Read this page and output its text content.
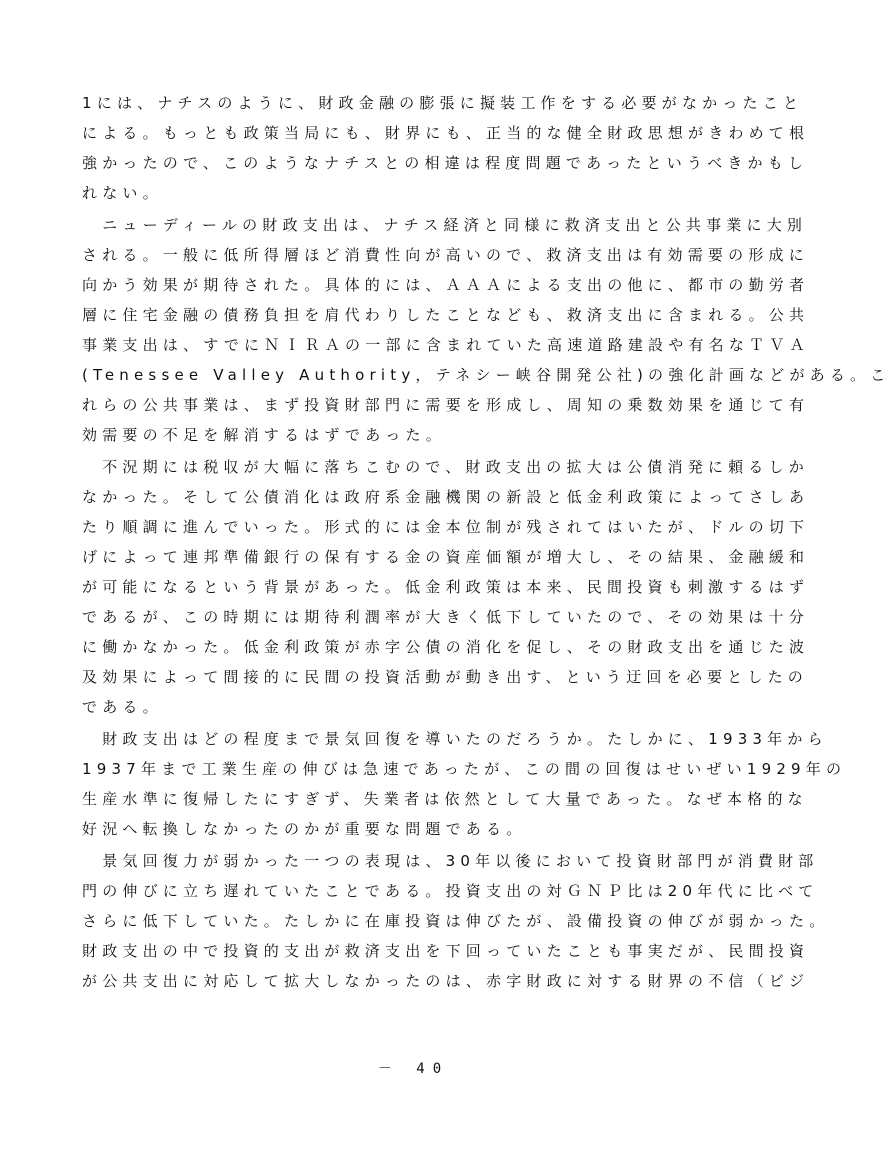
1には、ナチスのように、財政金融の膨張に擬装工作をする必要がなかったこと
による。もっとも政策当局にも、財界にも、正当的な健全財政思想がきわめて根
強かったので、このようなナチスとの相違は程度問題であったというべきかもし
れない。
　ニューディールの財政支出は、ナチス経済と同様に救済支出と公共事業に大別
される。一般に低所得層ほど消費性向が高いので、救済支出は有効需要の形成に
向かう効果が期待された。具体的には、ＡＡＡによる支出の他に、都市の勤労者
層に住宅金融の債務負担を肩代わりしたことなども、救済支出に含まれる。公共
事業支出は、すでにＮＩＲＡの一部に含まれていた高速道路建設や有名なＴＶＡ
(Tenessee Valley Authority，テネシー峡谷開発公社)の強化計画などがある。こ
れらの公共事業は、まず投資財部門に需要を形成し、周知の乗数効果を通じて有
効需要の不足を解消するはずであった。
　不況期には税収が大幅に落ちこむので、財政支出の拡大は公債消発に頼るしか
なかった。そして公債消化は政府系金融機関の新設と低金利政策によってさしあ
たり順調に進んでいった。形式的には金本位制が残されてはいたが、ドルの切下
げによって連邦準備銀行の保有する金の資産価額が増大し、その結果、金融緩和
が可能になるという背景があった。低金利政策は本来、民間投資も刺激するはず
であるが、この時期には期待利潤率が大きく低下していたので、その効果は十分
に働かなかった。低金利政策が赤字公債の消化を促し、その財政支出を通じた波
及効果によって間接的に民間の投資活動が動き出す、という迂回を必要としたの
である。
　財政支出はどの程度まで景気回復を導いたのだろうか。たしかに、1933年から
1937年まで工業生産の伸びは急速であったが、この間の回復はせいぜい1929年の
生産水準に復帰したにすぎず、失業者は依然として大量であった。なぜ本格的な
好況へ転換しなかったのかが重要な問題である。
　景気回復力が弱かった一つの表現は、30年以後において投資財部門が消費財部
門の伸びに立ち遅れていたことである。投資支出の対ＧＮＰ比は20年代に比べて
さらに低下していた。たしかに在庫投資は伸びたが、設備投資の伸びが弱かった。
財政支出の中で投資的支出が救済支出を下回っていたことも事実だが、民間投資
が公共支出に対応して拡大しなかったのは、赤字財政に対する財界の不信（ビジ
－ 40
